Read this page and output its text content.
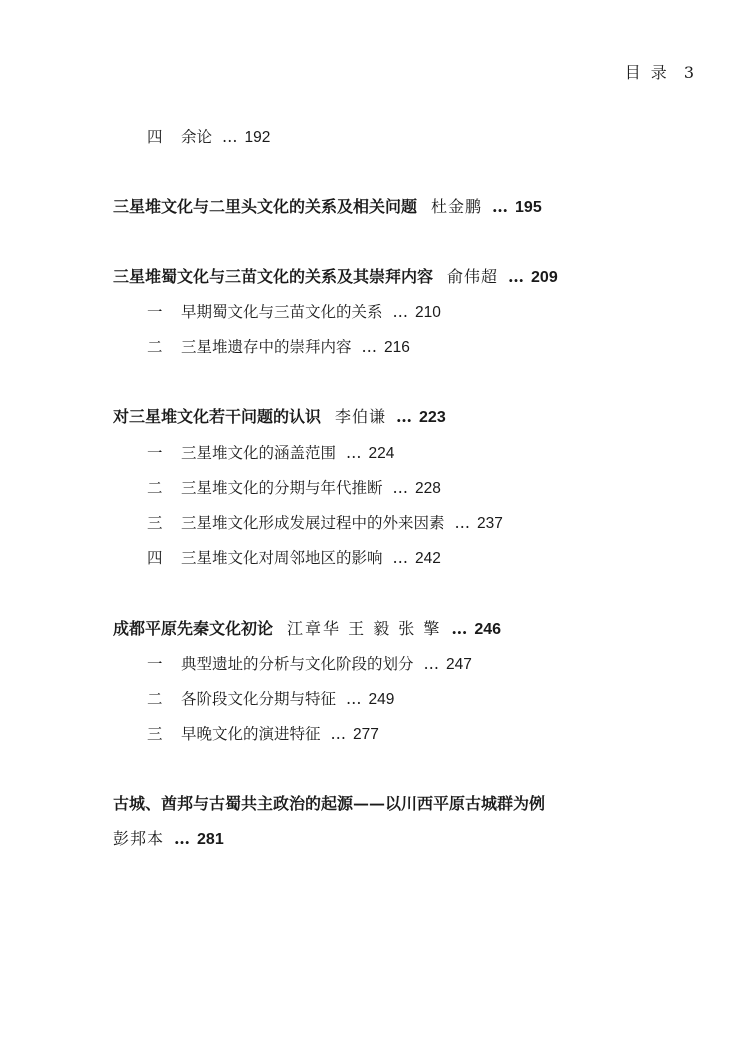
目录 3
四 余论 … 192
三星堆文化与二里头文化的关系及相关问题 杜金鹏 … 195
三星堆蜀文化与三苗文化的关系及其崇拜内容 俞伟超 … 209
一 早期蜀文化与三苗文化的关系 … 210
二 三星堆遗存中的崇拜内容 … 216
对三星堆文化若干问题的认识 李伯谦 … 223
一 三星堆文化的涵盖范围 … 224
二 三星堆文化的分期与年代推断 … 228
三 三星堆文化形成发展过程中的外来因素 … 237
四 三星堆文化对周邻地区的影响 … 242
成都平原先秦文化初论 江章华 王 毅 张 擎 … 246
一 典型遗址的分析与文化阶段的划分 … 247
二 各阶段文化分期与特征 … 249
三 早晚文化的演进特征 … 277
古城、酋邦与古蜀共主政治的起源——以川西平原古城群为例
彭邦本 … 281
